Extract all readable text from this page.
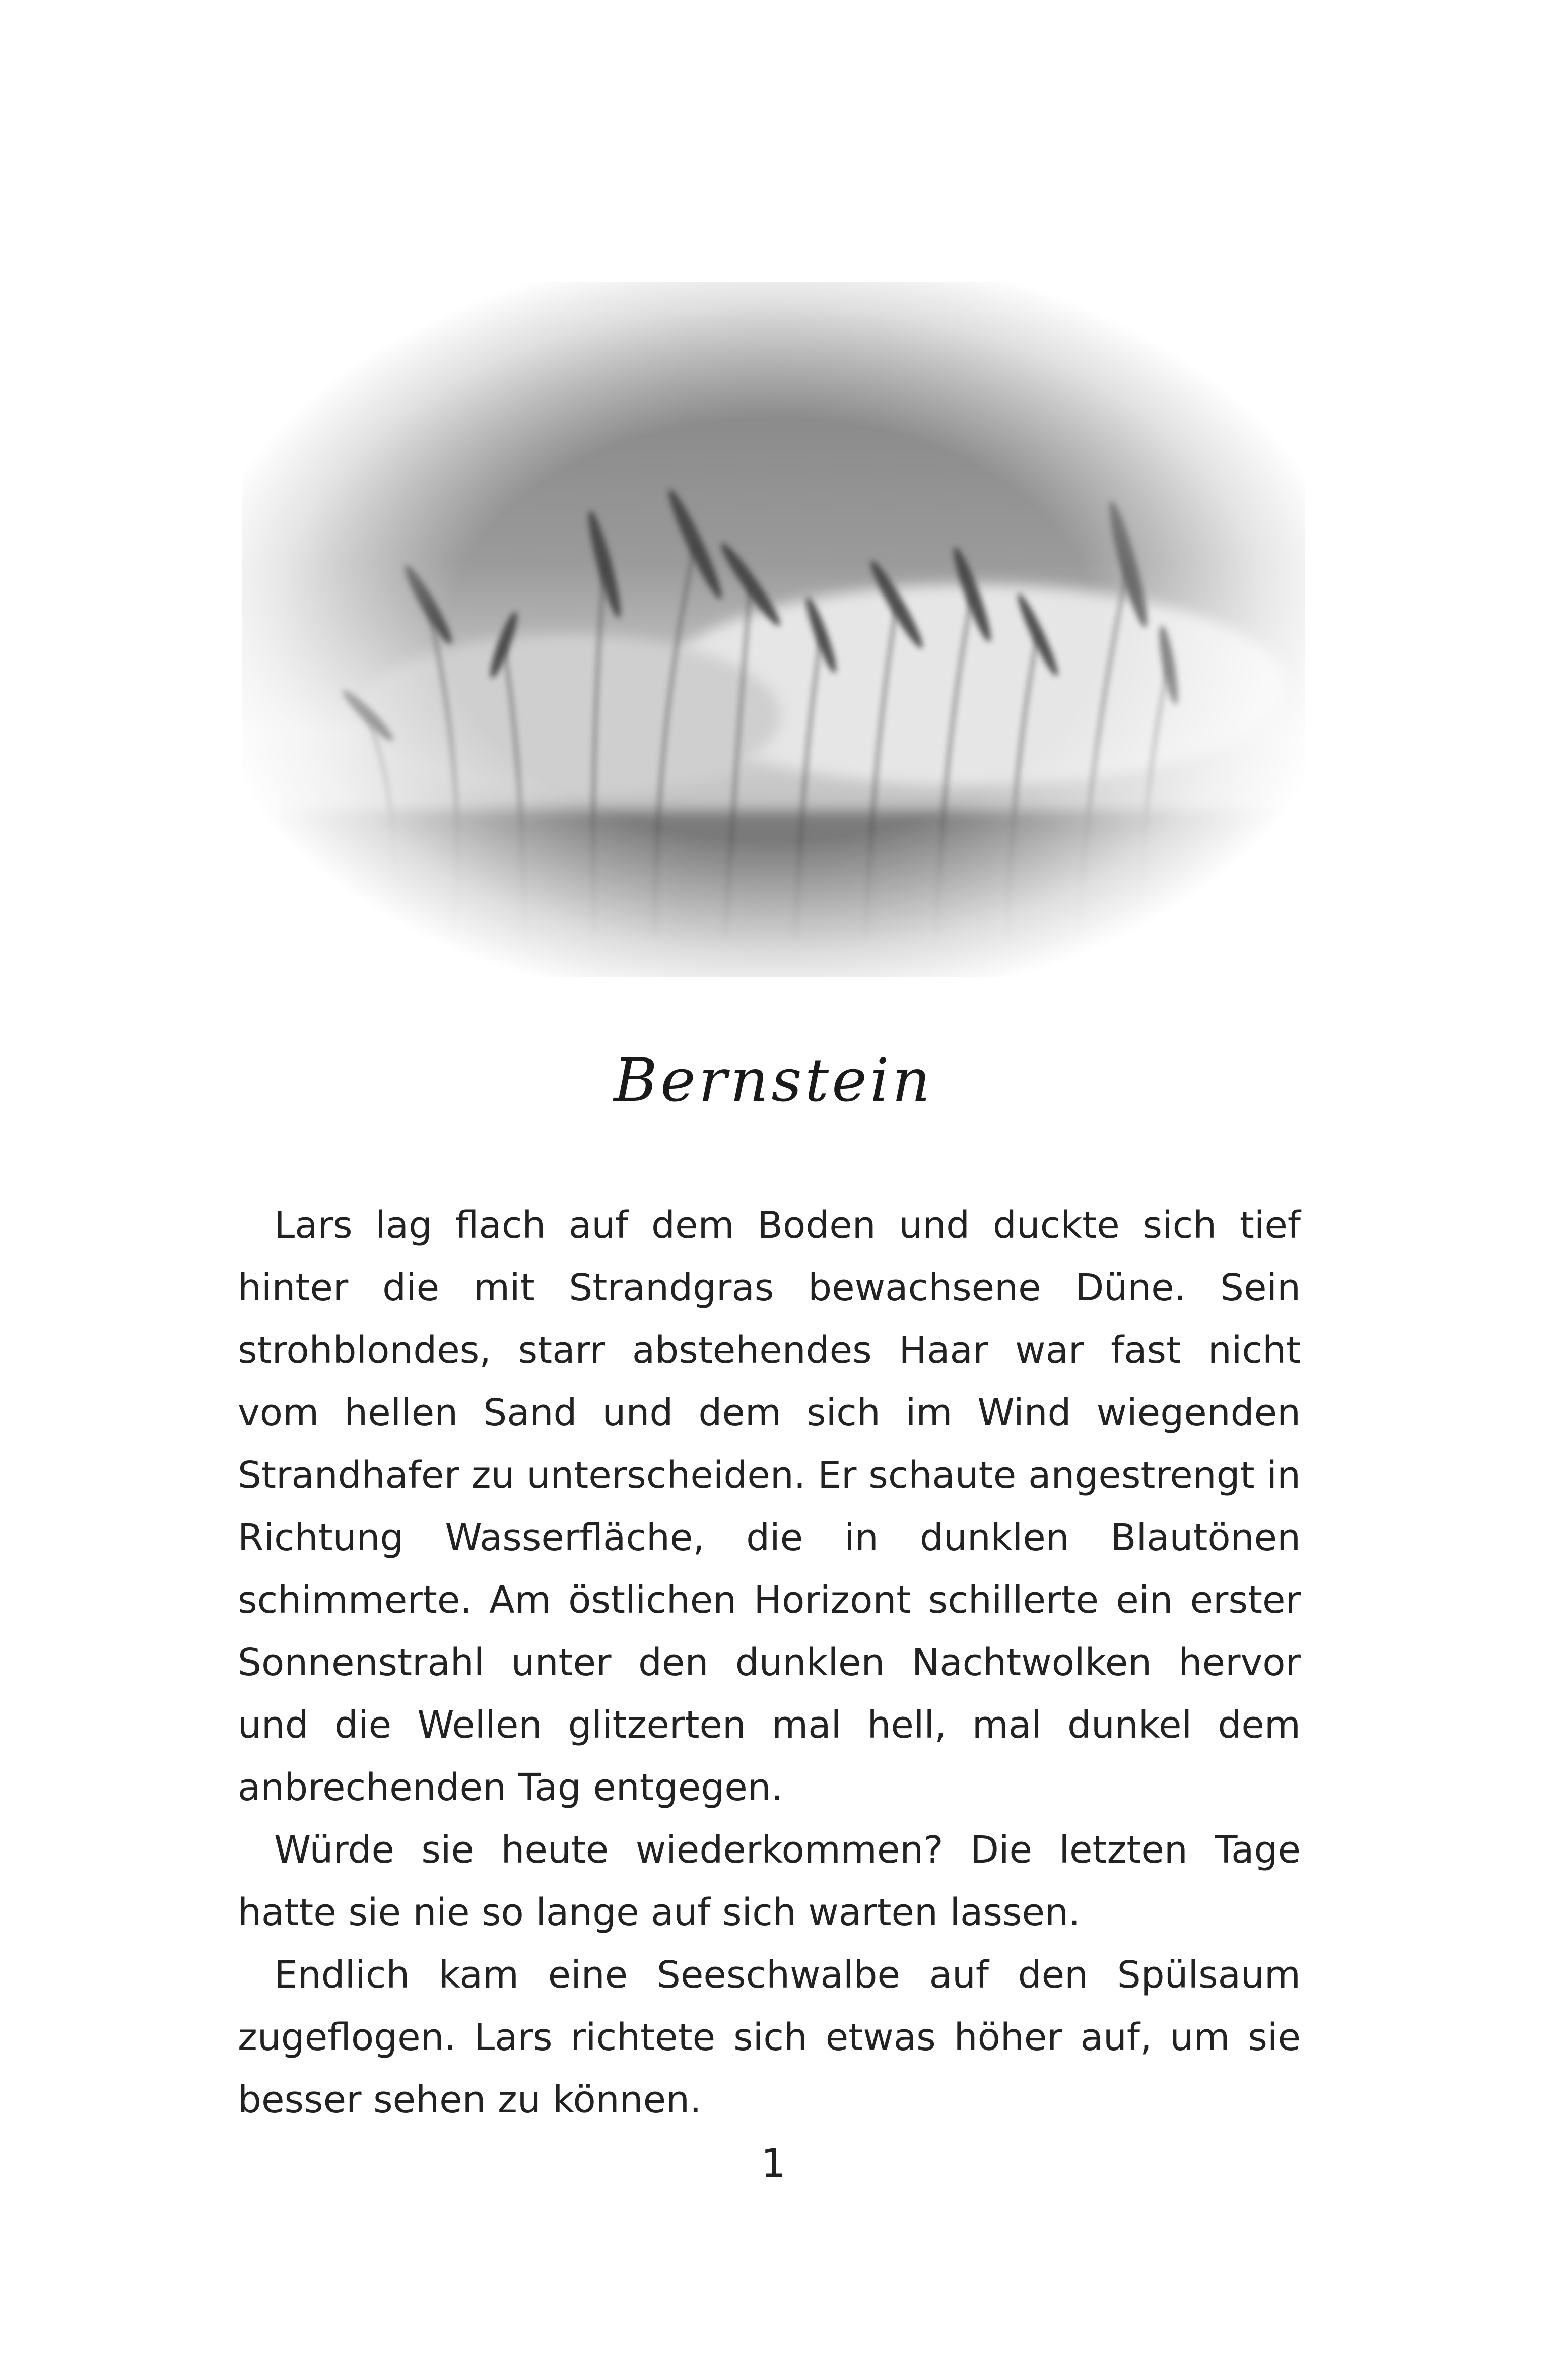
Bernstein

Lars lag flach auf dem Boden und duckte sich tief hinter die mit Strandgras bewachsene Düne. Sein strohblondes, starr abstehendes Haar war fast nicht vom hellen Sand und dem sich im Wind wiegenden Strandhafer zu unterscheiden. Er schaute angestrengt in Richtung Wasserfläche, die in dunklen Blautönen schimmerte. Am östlichen Horizont schillerte ein erster Sonnenstrahl unter den dunklen Nachtwolken hervor und die Wellen glitzerten mal hell, mal dunkel dem anbrechenden Tag entgegen.

Würde sie heute wiederkommen? Die letzten Tage hatte sie nie so lange auf sich warten lassen.

Endlich kam eine Seeschwalbe auf den Spülsaum zugeflogen. Lars richtete sich etwas höher auf, um sie besser sehen zu können.

1
